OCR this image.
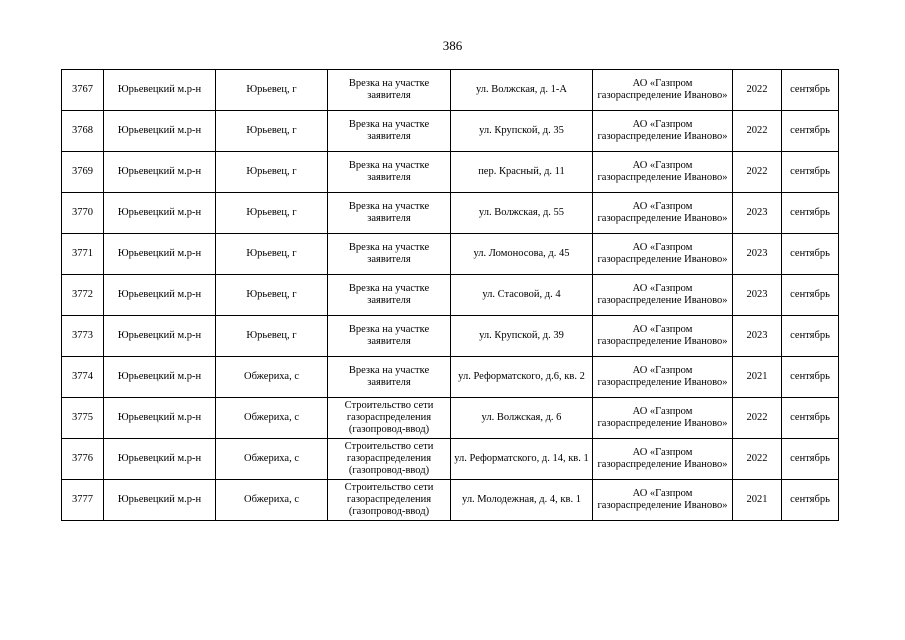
386
3767	Юрьевецкий м.р-н	Юрьевец, г	Врезка на участке заявителя	ул. Волжская, д. 1-А	АО «Газпром газораспределение Иваново»	2022	сентябрь
3768	Юрьевецкий м.р-н	Юрьевец, г	Врезка на участке заявителя	ул. Крупской, д. 35	АО «Газпром газораспределение Иваново»	2022	сентябрь
3769	Юрьевецкий м.р-н	Юрьевец, г	Врезка на участке заявителя	пер. Красный, д. 11	АО «Газпром газораспределение Иваново»	2022	сентябрь
3770	Юрьевецкий м.р-н	Юрьевец, г	Врезка на участке заявителя	ул. Волжская, д. 55	АО «Газпром газораспределение Иваново»	2023	сентябрь
3771	Юрьевецкий м.р-н	Юрьевец, г	Врезка на участке заявителя	ул. Ломоносова, д. 45	АО «Газпром газораспределение Иваново»	2023	сентябрь
3772	Юрьевецкий м.р-н	Юрьевец, г	Врезка на участке заявителя	ул. Стасовой, д. 4	АО «Газпром газораспределение Иваново»	2023	сентябрь
3773	Юрьевецкий м.р-н	Юрьевец, г	Врезка на участке заявителя	ул. Крупской, д. 39	АО «Газпром газораспределение Иваново»	2023	сентябрь
3774	Юрьевецкий м.р-н	Обжериха, с	Врезка на участке заявителя	ул. Реформатского, д.6, кв. 2	АО «Газпром газораспределение Иваново»	2021	сентябрь
3775	Юрьевецкий м.р-н	Обжериха, с	Строительство сети газораспределения (газопровод-ввод)	ул. Волжская, д. 6	АО «Газпром газораспределение Иваново»	2022	сентябрь
3776	Юрьевецкий м.р-н	Обжериха, с	Строительство сети газораспределения (газопровод-ввод)	ул. Реформатского, д. 14, кв. 1	АО «Газпром газораспределение Иваново»	2022	сентябрь
3777	Юрьевецкий м.р-н	Обжериха, с	Строительство сети газораспределения (газопровод-ввод)	ул. Молодежная, д. 4, кв. 1	АО «Газпром газораспределение Иваново»	2021	сентябрь
